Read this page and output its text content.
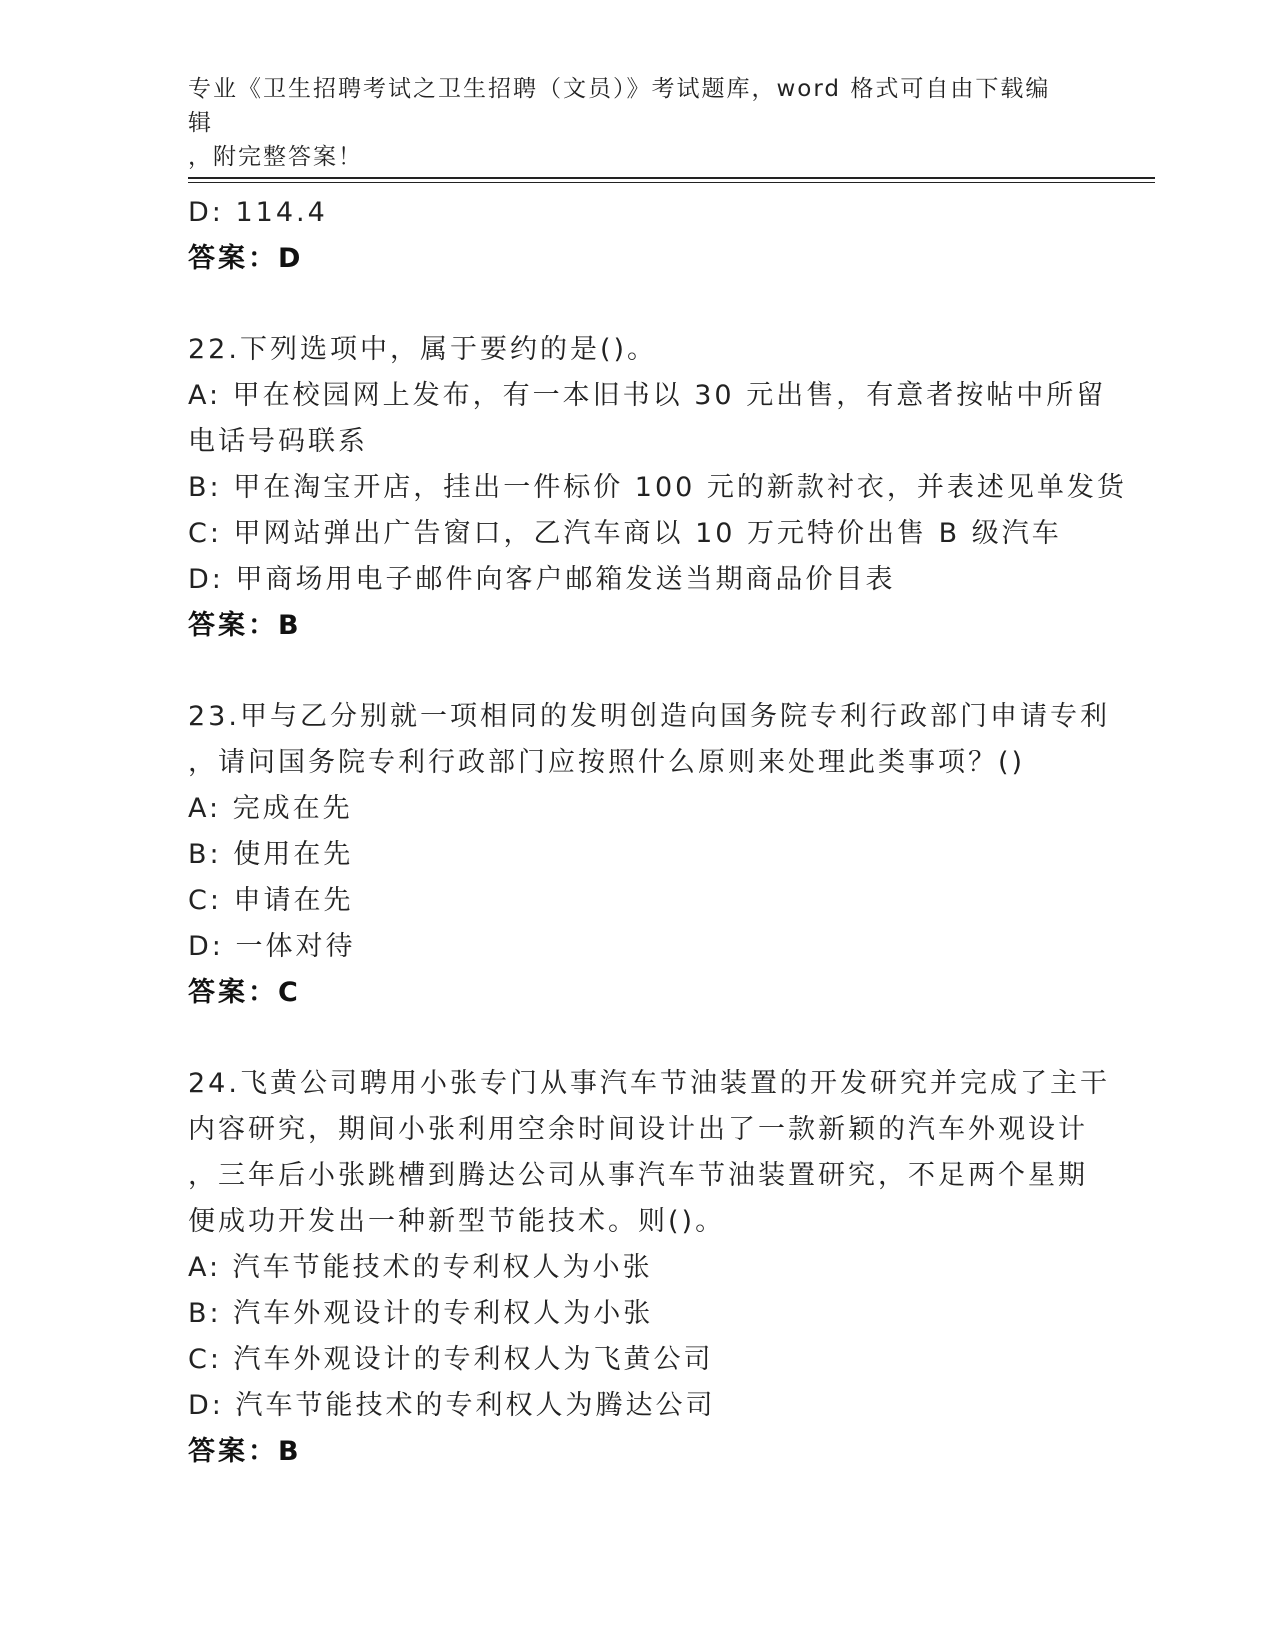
专业《卫生招聘考试之卫生招聘（文员）》考试题库，word 格式可自由下载编辑
，附完整答案！
D: 114.4
答案：D
22.下列选项中，属于要约的是()。
A: 甲在校园网上发布，有一本旧书以 30 元出售，有意者按帖中所留
电话号码联系
B: 甲在淘宝开店，挂出一件标价 100 元的新款衬衣，并表述见单发货
C: 甲网站弹出广告窗口，乙汽车商以 10 万元特价出售 B 级汽车
D: 甲商场用电子邮件向客户邮箱发送当期商品价目表
答案：B
23.甲与乙分别就一项相同的发明创造向国务院专利行政部门申请专利
，请问国务院专利行政部门应按照什么原则来处理此类事项？()
A: 完成在先
B: 使用在先
C: 申请在先
D: 一体对待
答案：C
24.飞黄公司聘用小张专门从事汽车节油装置的开发研究并完成了主干
内容研究，期间小张利用空余时间设计出了一款新颖的汽车外观设计
，三年后小张跳槽到腾达公司从事汽车节油装置研究，不足两个星期
便成功开发出一种新型节能技术。则()。
A: 汽车节能技术的专利权人为小张
B: 汽车外观设计的专利权人为小张
C: 汽车外观设计的专利权人为飞黄公司
D: 汽车节能技术的专利权人为腾达公司
答案：B
